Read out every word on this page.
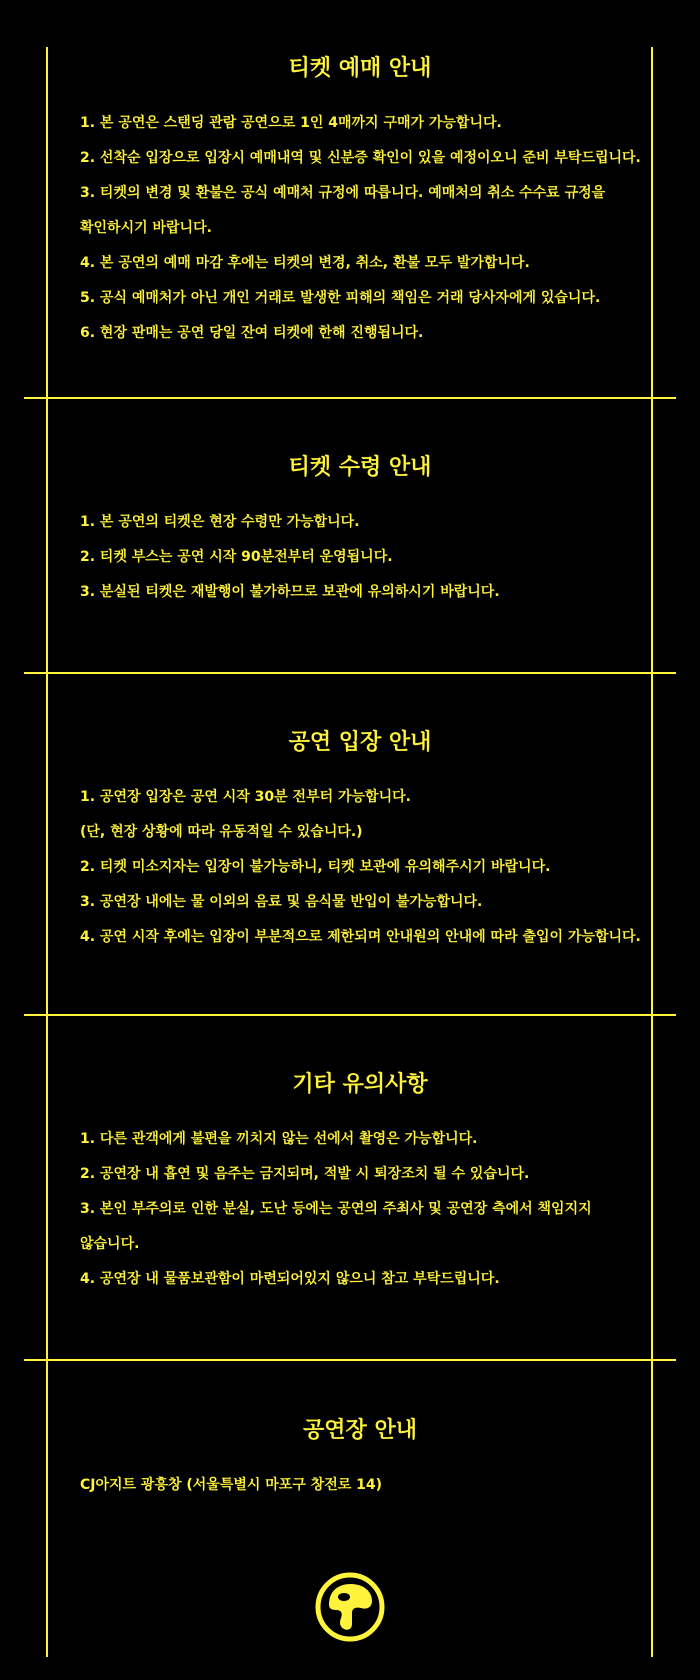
티켓 예매 안내
1. 본 공연은 스탠딩 관람 공연으로 1인 4매까지 구매가 가능합니다.
2. 선착순 입장으로 입장시 예매내역 및 신분증 확인이 있을 예정이오니 준비 부탁드립니다.
3. 티켓의 변경 및 환불은 공식 예매처 규정에 따릅니다. 예매처의 취소 수수료 규정을
확인하시기 바랍니다.
4. 본 공연의 예매 마감 후에는 티켓의 변경, 취소, 환불 모두 발가합니다.
5. 공식 예매처가 아닌 개인 거래로 발생한 피해의 책임은 거래 당사자에게 있습니다.
6. 현장 판매는 공연 당일 잔여 티켓에 한해 진행됩니다.
티켓 수령 안내
1. 본 공연의 티켓은 현장 수령만 가능합니다.
2. 티켓 부스는 공연 시작 90분전부터 운영됩니다.
3. 분실된 티켓은 재발행이 불가하므로 보관에 유의하시기 바랍니다.
공연 입장 안내
1. 공연장 입장은 공연 시작 30분 전부터 가능합니다.
(단, 현장 상황에 따라 유동적일 수 있습니다.)
2. 티켓 미소지자는 입장이 불가능하니, 티켓 보관에 유의해주시기 바랍니다.
3. 공연장 내에는 물 이외의 음료 및 음식물 반입이 불가능합니다.
4. 공연 시작 후에는 입장이 부분적으로 제한되며 안내원의 안내에 따라 출입이 가능합니다.
기타 유의사항
1. 다른 관객에게 불편을 끼치지 않는 선에서 촬영은 가능합니다.
2. 공연장 내 흡연 및 음주는 금지되며, 적발 시 퇴장조치 될 수 있습니다.
3. 본인 부주의로 인한 분실, 도난 등에는 공연의 주최사 및 공연장 측에서 책임지지
않습니다.
4. 공연장 내 물품보관함이 마련되어있지 않으니 참고 부탁드립니다.
공연장 안내
CJ아지트 광흥창 (서울특별시 마포구 창전로 14)
